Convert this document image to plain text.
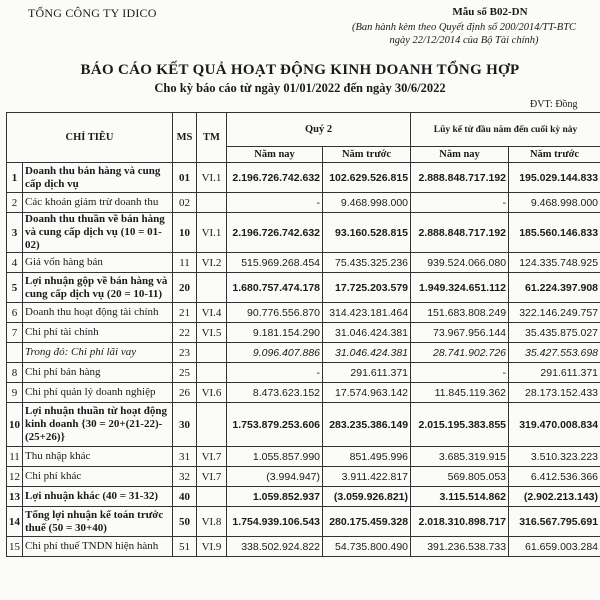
TỔNG CÔNG TY IDICO	Mẫu số B02-DN
(Ban hành kèm theo Quyết định số 200/2014/TT-BTC
ngày 22/12/2014 của Bộ Tài chính)
BÁO CÁO KẾT QUẢ HOẠT ĐỘNG KINH DOANH TỔNG HỢP
Cho kỳ báo cáo từ ngày 01/01/2022 đến ngày 30/6/2022
ĐVT: Đồng
CHỈ TIÊU		MS	TM	Quý 2		Lũy kế từ đầu năm đến cuối kỳ này	
				Năm nay	Năm trước	Năm nay	Năm trước
1	Doanh thu bán hàng và cung cấp dịch vụ	01	VI.1	2.196.726.742.632	102.629.526.815	2.888.848.717.192	195.029.144.833
2	Các khoản giảm trừ doanh thu	02		-	9.468.998.000	-	9.468.998.000
3	Doanh thu thuần về bán hàng và cung cấp dịch vụ (10 = 01-02)	10	VI.1	2.196.726.742.632	93.160.528.815	2.888.848.717.192	185.560.146.833
4	Giá vốn hàng bán	11	VI.2	515.969.268.454	75.435.325.236	939.524.066.080	124.335.748.925
5	Lợi nhuận gộp về bán hàng và cung cấp dịch vụ (20 = 10-11)	20		1.680.757.474.178	17.725.203.579	1.949.324.651.112	61.224.397.908
6	Doanh thu hoạt động tài chính	21	VI.4	90.776.556.870	314.423.181.464	151.683.808.249	322.146.249.757
7	Chi phí tài chính	22	VI.5	9.181.154.290	31.046.424.381	73.967.956.144	35.435.875.027
	Trong đó: Chi phí lãi vay	23		9.096.407.886	31.046.424.381	28.741.902.726	35.427.553.698
8	Chi phí bán hàng	25		-	291.611.371	-	291.611.371
9	Chi phí quản lý doanh nghiệp	26	VI.6	8.473.623.152	17.574.963.142	11.845.119.362	28.173.152.433
10	Lợi nhuận thuần từ hoạt động kinh doanh {30 = 20+(21-22)-(25+26)}	30		1.753.879.253.606	283.235.386.149	2.015.195.383.855	319.470.008.834
11	Thu nhập khác	31	VI.7	1.055.857.990	851.495.996	3.685.319.915	3.510.323.223
12	Chi phí khác	32	VI.7	(3.994.947)	3.911.422.817	569.805.053	6.412.536.366
13	Lợi nhuận khác (40 = 31-32)	40		1.059.852.937	(3.059.926.821)	3.115.514.862	(2.902.213.143)
14	Tổng lợi nhuận kế toán trước thuế (50 = 30+40)	50	VI.8	1.754.939.106.543	280.175.459.328	2.018.310.898.717	316.567.795.691
15	Chi phí thuế TNDN hiện hành	51	VI.9	338.502.924.822	54.735.800.490	391.236.538.733	61.659.003.284
